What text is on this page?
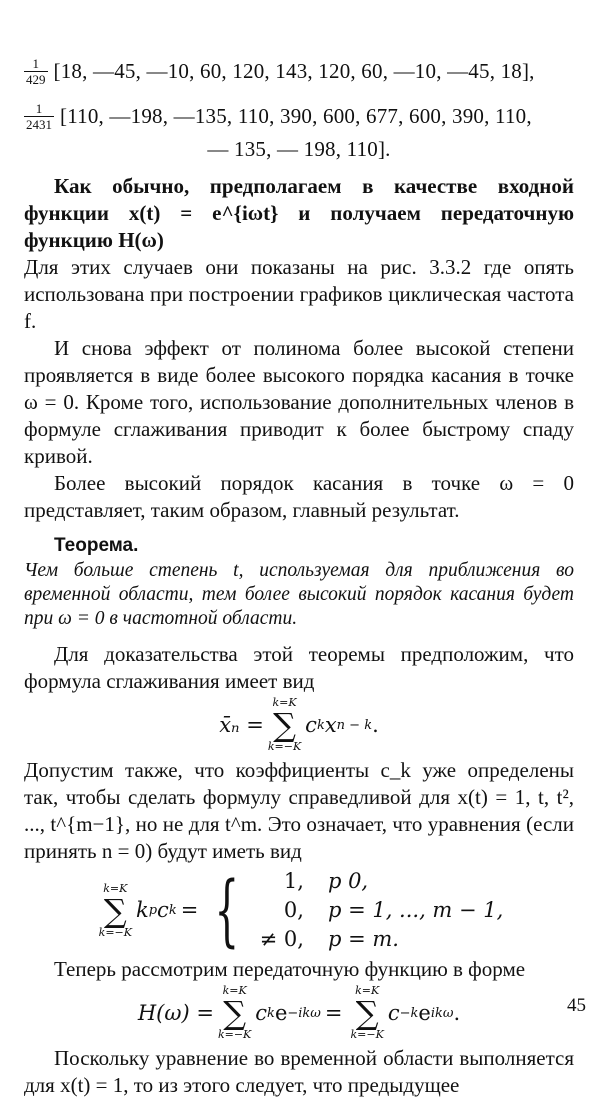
$\frac{1}{429} [18$, —45, —10, 60, 120, 143, 120, 60, —10, —45, 18],
$\frac{1}{2431} [110$, —198, —135, 110, 390, 600, 677, 600, 390, 110,
— 135, — 198, 110].

Как обычно, предполагаем в качестве входной функции x(t) = e^{iωt} и получаем передаточную функцию H(ω)

Для этих случаев они показаны на рис. 3.3.2 где опять использована при построении графиков циклическая частота f.

И снова эффект от полинома более высокой степени проявляется в виде более высокого порядка касания в точке ω = 0. Кроме того, использование дополнительных членов в формуле сглаживания приводит к более быстрому спаду кривой.

Более высокий порядок касания в точке ω = 0 представляет, таким образом, главный результат.

Теорема.

Чем больше степень t, используемая для приближения во временной области, тем более высокий порядок касания будет при ω = 0 в частотной области.

Для доказательства этой теоремы предположим, что формула сглаживания имеет вид

x̄ₙ =
k=K
∑
k=−K
c k x n − k .

Допустим также, что коэффициенты c_k уже определены так, чтобы сделать формулу справедливой для x(t) = 1, t, t², ..., t^{m−1}, но не для t^m. Это означает, что уравнения (если принять n = 0) будут иметь вид

k=K
∑
k=−K
k p c k = {	1,	p 0,
0,	p = 1, ..., m − 1,
≠ 0,	p = m.

Теперь рассмотрим передаточную функцию в форме

H(ω) =
k=K
∑
k=−K
c k e −ikω =
k=K
∑
k=−K
c −k e ikω .

Поскольку уравнение во временной области выполняется для x(t) = 1, то из этого следует, что предыдущее

45
